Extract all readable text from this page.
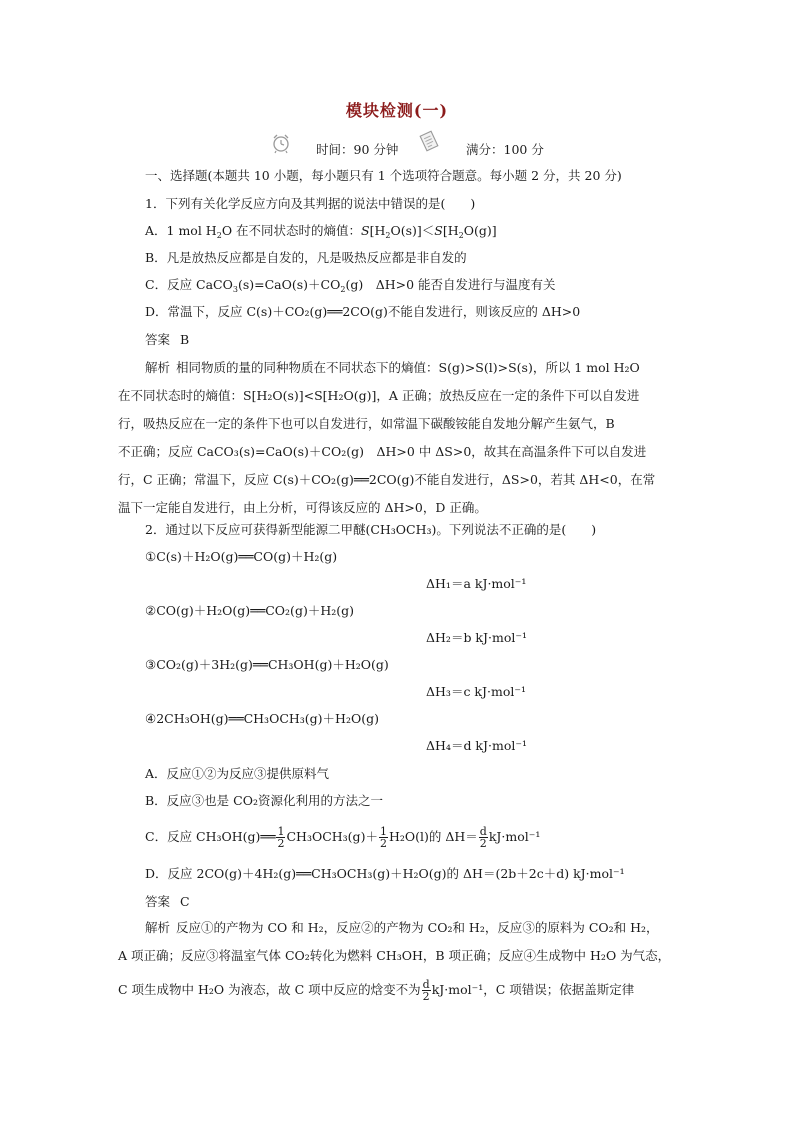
模块检测(一)
时间：90 分钟	满分：100 分
一、选择题(本题共 10 小题，每小题只有 1 个选项符合题意。每小题 2 分，共 20 分)
1．下列有关化学反应方向及其判据的说法中错误的是(　　)
A．1 mol $H_2O$ 在不同状态时的熵值：$S[H_2O(s)]<S[H_2O(g)]$
B．凡是放热反应都是自发的，凡是吸热反应都是非自发的
C．反应 $CaCO_3(s)=CaO(s)+CO_2(g)$　ΔH>0 能否自发进行与温度有关
D．常温下，反应 C(s)＋CO₂(g)══2CO(g)不能自发进行，则该反应的 ΔH>0
答案 B
解析 相同物质的量的同种物质在不同状态下的熵值：S(g)>S(l)>S(s)，所以 1 mol H₂O
在不同状态时的熵值：S[H₂O(s)]<S[H₂O(g)]，A 正确；放热反应在一定的条件下可以自发进
行，吸热反应在一定的条件下也可以自发进行，如常温下碳酸铵能自发地分解产生氨气，B
不正确；反应 CaCO₃(s)=CaO(s)＋CO₂(g)　ΔH>0 中 ΔS>0，故其在高温条件下可以自发进
行，C 正确；常温下，反应 C(s)＋CO₂(g)══2CO(g)不能自发进行，ΔS>0，若其 ΔH<0，在常
温下一定能自发进行，由上分析，可得该反应的 ΔH>0，D 正确。
2．通过以下反应可获得新型能源二甲醚(CH₃OCH₃)。下列说法不正确的是(　　)
①C(s)＋H₂O(g)══CO(g)＋H₂(g)
ΔH₁＝a kJ·mol⁻¹
②CO(g)＋H₂O(g)══CO₂(g)＋H₂(g)
ΔH₂＝b kJ·mol⁻¹
③CO₂(g)＋3H₂(g)══CH₃OH(g)＋H₂O(g)
ΔH₃＝c kJ·mol⁻¹
④2CH₃OH(g)══CH₃OCH₃(g)＋H₂O(g)
ΔH₄＝d kJ·mol⁻¹
A．反应①②为反应③提供原料气
B．反应③也是 CO₂资源化利用的方法之一
C．反应 CH₃OH(g)══ $\frac{1}{2} CH_3OCH_3(g)+ \frac{1}{2} H_2O(l)$的 $\Delta H= \frac{d}{2} kJ\cdot mol^{-1}$
D．反应 2CO(g)＋4H₂(g)══CH₃OCH₃(g)＋H₂O(g)的 ΔH＝(2b＋2c＋d) kJ·mol⁻¹
答案 C
解析 反应①的产物为 CO 和 H₂，反应②的产物为 CO₂和 H₂，反应③的原料为 CO₂和 H₂，
A 项正确；反应③将温室气体 CO₂转化为燃料 CH₃OH，B 项正确；反应④生成物中 H₂O 为气态，
C 项生成物中 H₂O 为液态，故 C 项中反应的焓变不为 $\frac{d}{2} kJ\cdot mol^{-1}$，C 项错误；依据盖斯定律
